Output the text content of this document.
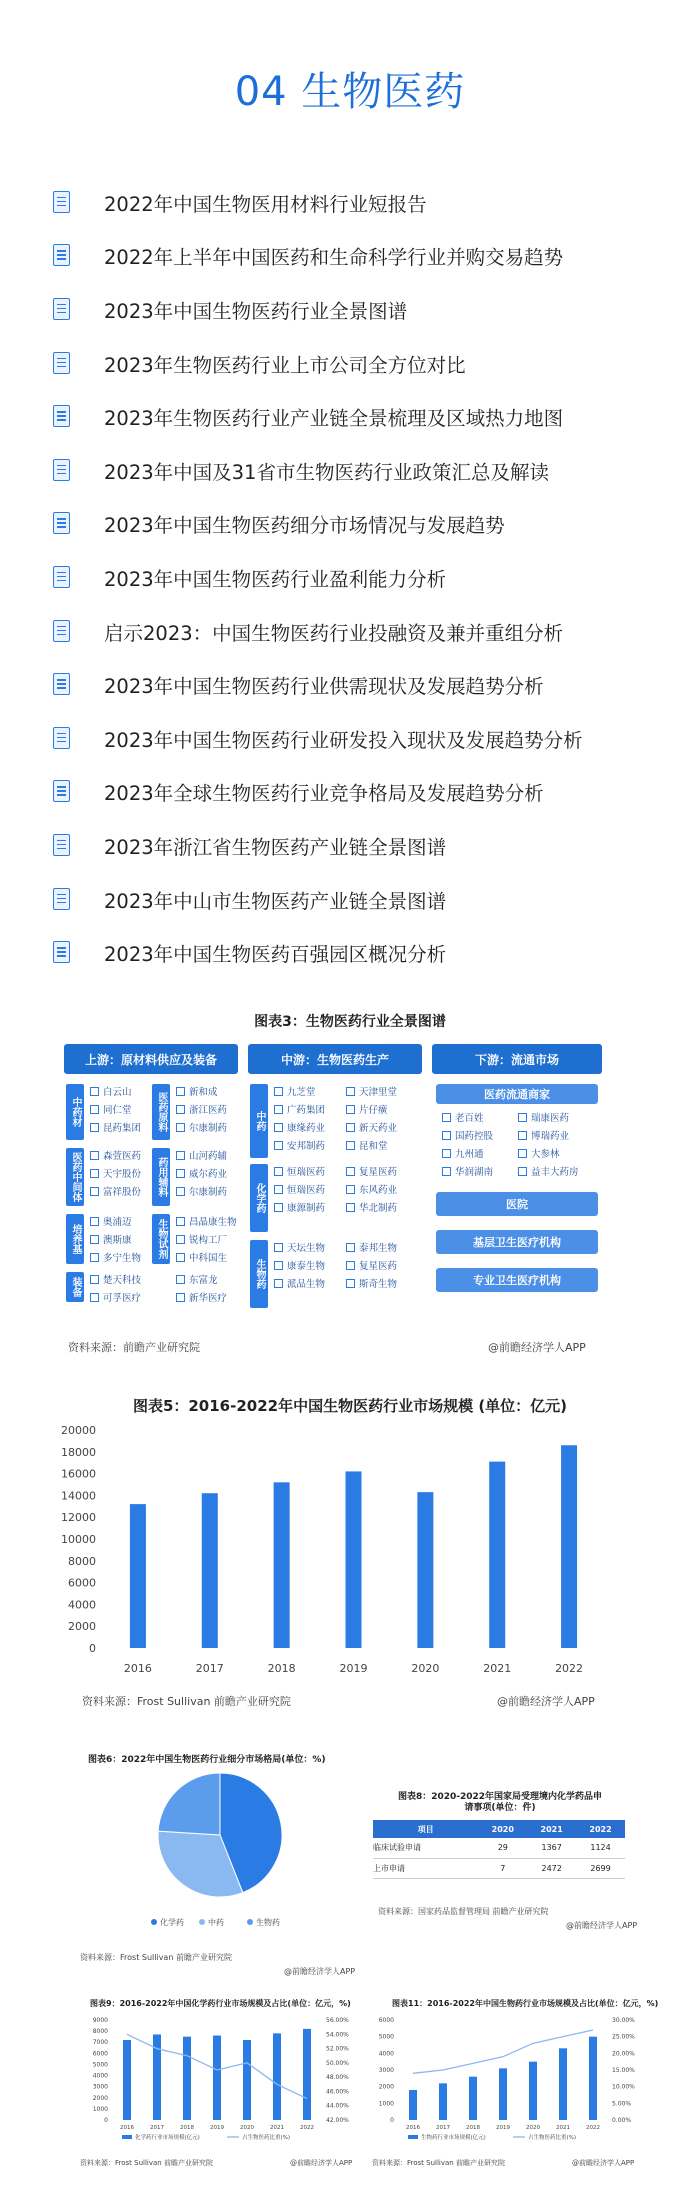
04 生物医药
2022年中国生物医用材料行业短报告
2022年上半年中国医药和生命科学行业并购交易趋势
2023年中国生物医药行业全景图谱
2023年生物医药行业上市公司全方位对比
2023年生物医药行业产业链全景梳理及区域热力地图
2023年中国及31省市生物医药行业政策汇总及解读
2023年中国生物医药细分市场情况与发展趋势
2023年中国生物医药行业盈利能力分析
启示2023：中国生物医药行业投融资及兼并重组分析
2023年中国生物医药行业供需现状及发展趋势分析
2023年中国生物医药行业研发投入现状及发展趋势分析
2023年全球生物医药行业竞争格局及发展趋势分析
2023年浙江省生物医药产业链全景图谱
2023年中山市生物医药产业链全景图谱
2023年中国生物医药百强园区概况分析
图表3：生物医药行业全景图谱
上游：原材料供应及装备	中游：生物医药生产	下游：流通市场
中药材
白云山
同仁堂
昆药集团
医药中间体	森萱医药
天宇股份
富祥股份
培养基
奥浦迈
澳斯康
多宁生物
装备	楚天科技
可孚医疗
医药原料	新和成
浙江医药
尔康制药
药用辅料
山河药辅
威尔药业
尔康制药
生物试剂	昌晶康生物
锐构工厂
中科国生
东富龙
新华医疗
中药
九芝堂
广药集团
康缘药业
安邦制药
天津里堂
片仔癀
新天药业
昆和堂
化学药
恒瑞医药
恒瑞医药
康源制药
复星医药
东风药业
华北制药
生物药
天坛生物
康泰生物
派品生物
泰邦生物
复星医药
斯奇生物
医药流通商家
老百姓
国药控股
九州通
华润湖南
瑞康医药
博瑞药业
大参林
益丰大药房
医院
基层卫生医疗机构
专业卫生医疗机构
资料来源：前瞻产业研究院	@前瞻经济学人APP
图表5：2016-2022年中国生物医药行业市场规模 (单位：亿元)
0
2000
4000
6000
8000
10000
12000
14000
16000
18000
20000
2016	2017	2018	2019	2020	2021	2022
资料来源：Frost Sullivan 前瞻产业研究院	@前瞻经济学人APP
图表6：2022年中国生物医药行业细分市场格局(单位：%)
化学药	中药	生物药
资料来源：Frost Sullivan 前瞻产业研究院
@前瞻经济学人APP
图表8：2020-2022年国家局受理境内化学药品申请事项(单位：件)
项目	2020	2021	2022
临床试验申请	29	1367	1124
上市申请	7	2472	2699
资料来源：国家药品监督管理局 前瞻产业研究院
@前瞻经济学人APP
图表9：2016-2022年中国化学药行业市场规模及占比(单位：亿元，%)
0
1000
2000
3000
4000
5000
6000
7000
8000
9000
42.00%
44.00%
46.00%
48.00%
50.00%
52.00%
54.00%
56.00%
2016	2017	2018	2019	2020	2021	2022
化学药行业市场规模(亿元)	占生物医药比重(%)
资料来源：Frost Sullivan 前瞻产业研究院	@前瞻经济学人APP
图表11：2016-2022年中国生物药行业市场规模及占比(单位：亿元，%)
0
1000
2000
3000
4000
5000
6000
0.00%
5.00%
10.00%
15.00%
20.00%
25.00%
30.00%
2016	2017	2018	2019	2020	2021	2022
生物药行业市场规模(亿元)	占生物医药比重(%)
资料来源：Frost Sullivan 前瞻产业研究院	@前瞻经济学人APP
